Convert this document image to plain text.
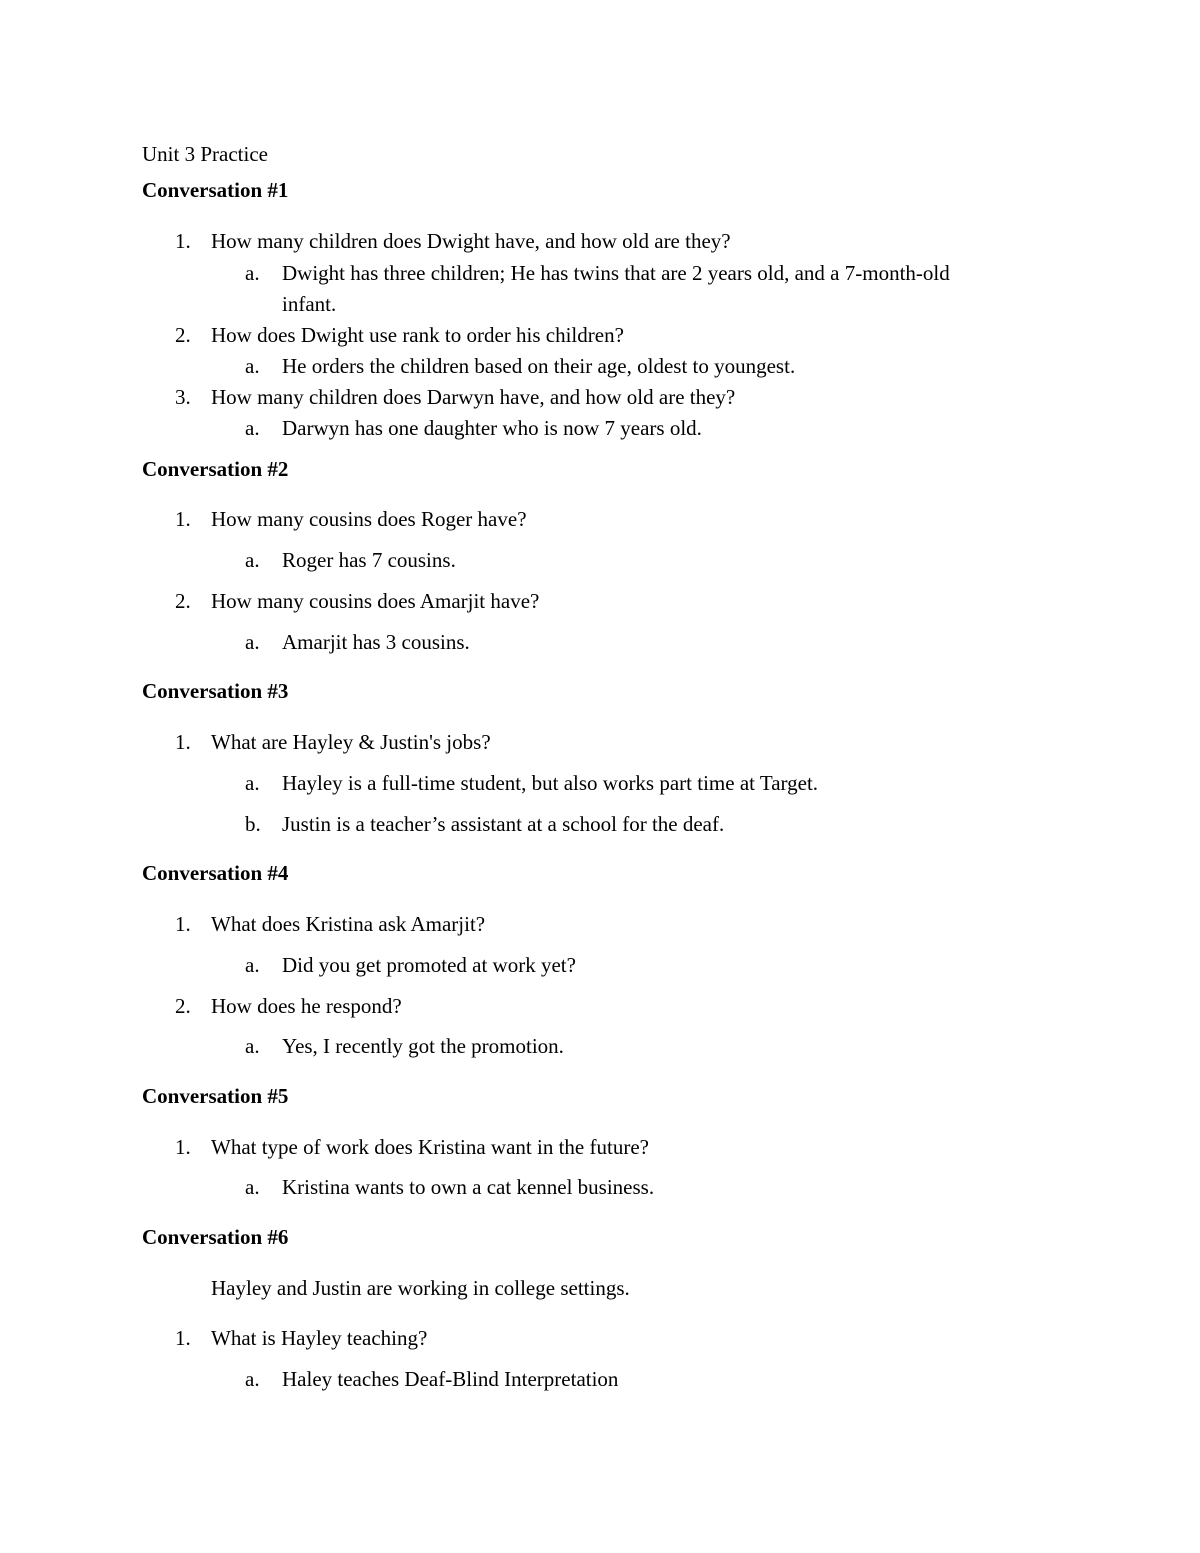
Unit 3 Practice
Conversation #1
1. How many children does Dwight have, and how old are they?
a. Dwight has three children; He has twins that are 2 years old, and a 7-month-old
infant.
2. How does Dwight use rank to order his children?
a. He orders the children based on their age, oldest to youngest.
3. How many children does Darwyn have, and how old are they?
a. Darwyn has one daughter who is now 7 years old.
Conversation #2
1. How many cousins does Roger have?
a. Roger has 7 cousins.
2. How many cousins does Amarjit have?
a. Amarjit has 3 cousins.
Conversation #3
1. What are Hayley & Justin's jobs?
a. Hayley is a full-time student, but also works part time at Target.
b. Justin is a teacher’s assistant at a school for the deaf.
Conversation #4
1. What does Kristina ask Amarjit?
a. Did you get promoted at work yet?
2. How does he respond?
a. Yes, I recently got the promotion.
Conversation #5
1. What type of work does Kristina want in the future?
a. Kristina wants to own a cat kennel business.
Conversation #6
Hayley and Justin are working in college settings.
1. What is Hayley teaching?
a. Haley teaches Deaf-Blind Interpretation
